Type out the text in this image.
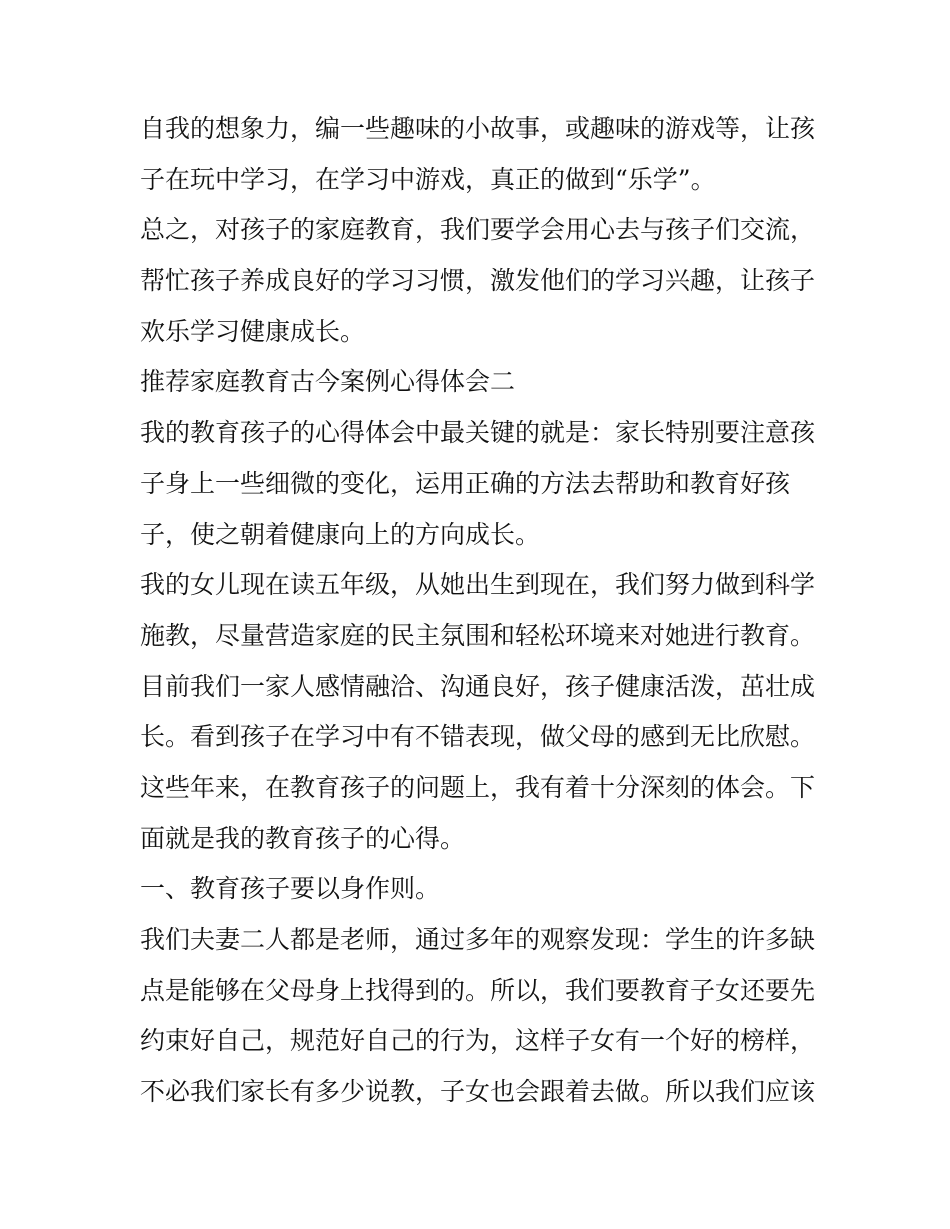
自我的想象力，编一些趣味的小故事，或趣味的游戏等，让孩
子在玩中学习，在学习中游戏，真正的做到“乐学”。
总之，对孩子的家庭教育，我们要学会用心去与孩子们交流，
帮忙孩子养成良好的学习习惯，激发他们的学习兴趣，让孩子
欢乐学习健康成长。
推荐家庭教育古今案例心得体会二
我的教育孩子的心得体会中最关键的就是：家长特别要注意孩
子身上一些细微的变化，运用正确的方法去帮助和教育好孩
子，使之朝着健康向上的方向成长。
我的女儿现在读五年级，从她出生到现在，我们努力做到科学
施教，尽量营造家庭的民主氛围和轻松环境来对她进行教育。
目前我们一家人感情融洽、沟通良好，孩子健康活泼，茁壮成
长。看到孩子在学习中有不错表现，做父母的感到无比欣慰。
这些年来，在教育孩子的问题上，我有着十分深刻的体会。下
面就是我的教育孩子的心得。
一、教育孩子要以身作则。
我们夫妻二人都是老师，通过多年的观察发现：学生的许多缺
点是能够在父母身上找得到的。所以，我们要教育子女还要先
约束好自己，规范好自己的行为，这样子女有一个好的榜样，
不必我们家长有多少说教，子女也会跟着去做。所以我们应该
